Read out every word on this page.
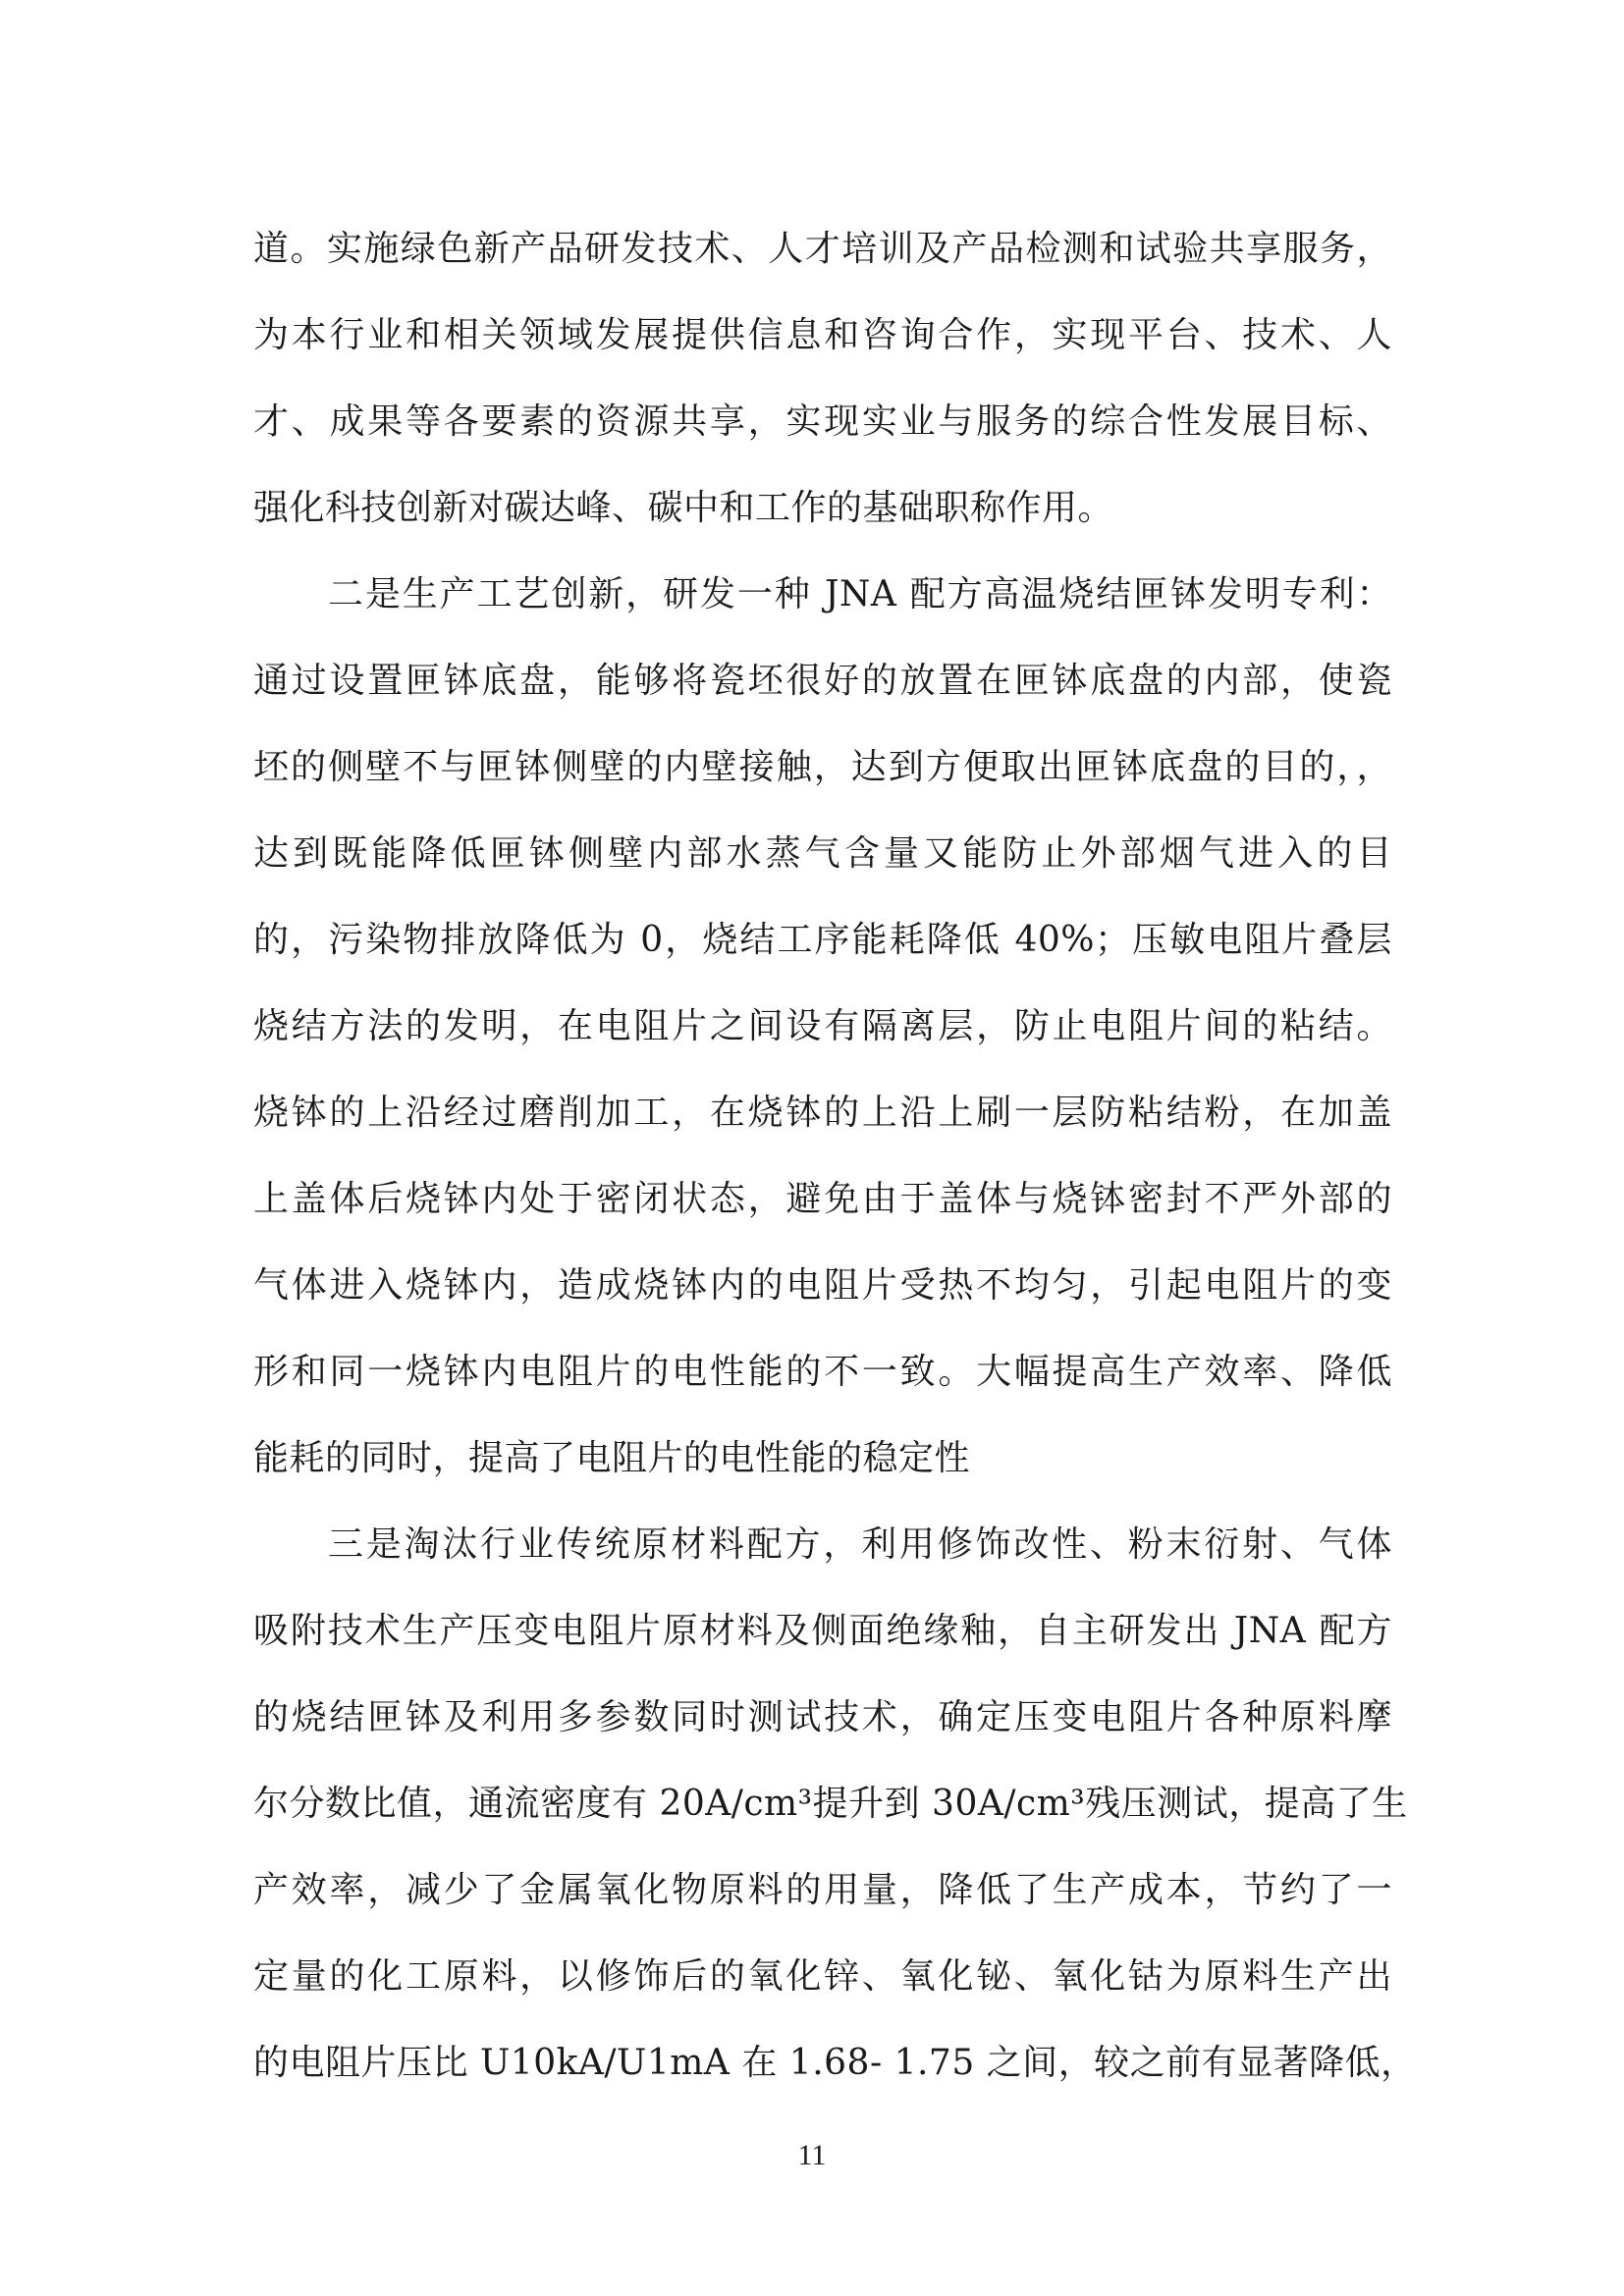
道。实施绿色新产品研发技术、人才培训及产品检测和试验共享服务，
为本行业和相关领域发展提供信息和咨询合作，实现平台、技术、人
才、成果等各要素的资源共享，实现实业与服务的综合性发展目标、
强化科技创新对碳达峰、碳中和工作的基础职称作用。
二是生产工艺创新，研发一种 JNA 配方高温烧结匣钵发明专利：
通过设置匣钵底盘，能够将瓷坯很好的放置在匣钵底盘的内部，使瓷
坯的侧壁不与匣钵侧壁的内壁接触，达到方便取出匣钵底盘的目的，，
达到既能降低匣钵侧壁内部水蒸气含量又能防止外部烟气进入的目
的，污染物排放降低为 0，烧结工序能耗降低 40%；压敏电阻片叠层
烧结方法的发明，在电阻片之间设有隔离层，防止电阻片间的粘结。
烧钵的上沿经过磨削加工，在烧钵的上沿上刷一层防粘结粉，在加盖
上盖体后烧钵内处于密闭状态，避免由于盖体与烧钵密封不严外部的
气体进入烧钵内，造成烧钵内的电阻片受热不均匀，引起电阻片的变
形和同一烧钵内电阻片的电性能的不一致。大幅提高生产效率、降低
能耗的同时，提高了电阻片的电性能的稳定性
三是淘汰行业传统原材料配方，利用修饰改性、粉末衍射、气体
吸附技术生产压变电阻片原材料及侧面绝缘釉，自主研发出 JNA 配方
的烧结匣钵及利用多参数同时测试技术，确定压变电阻片各种原料摩
尔分数比值，通流密度有 20A/cm³提升到 30A/cm³残压测试，提高了生
产效率，减少了金属氧化物原料的用量，降低了生产成本，节约了一
定量的化工原料，以修饰后的氧化锌、氧化铋、氧化钴为原料生产出
的电阻片压比 U10kA/U1mA 在 1.68- 1.75 之间，较之前有显著降低，
11
